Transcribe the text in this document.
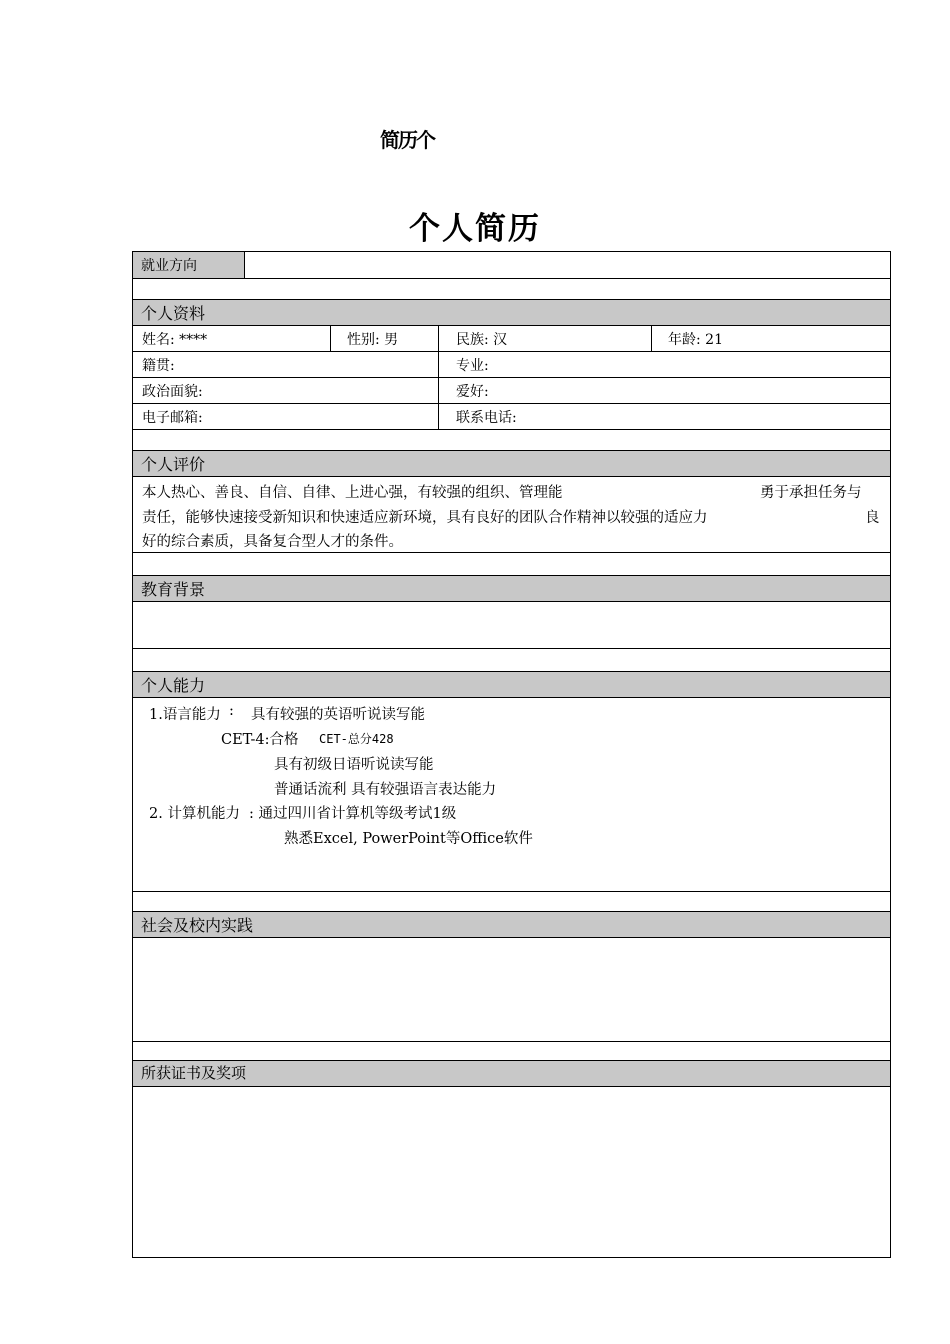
简历个
个人简历
就业方向
个人资料
姓名: ****	性别: 男	民族: 汉	年龄: 21
籍贯:	专业:
政治面貌:	爱好:
电子邮箱:	联系电话:
个人评价
本人热心、善良、自信、自律、上进心强，有较强的组织、管理能	勇于承担任务与
责任，能够快速接受新知识和快速适应新环境，具有良好的团队合作精神以较强的适应力	良
好的综合素质，具备复合型人才的条件。
教育背景
个人能力
1.语言能力 : 具有较强的英语听说读写能
CET-4:合格 CET-总分428
具有初级日语听说读写能
普通话流利 具有较强语言表达能力
2. 计算机能力 : 通过四川省计算机等级考试1级
熟悉Excel, PowerPoint等Office软件
社会及校内实践
所获证书及奖项
